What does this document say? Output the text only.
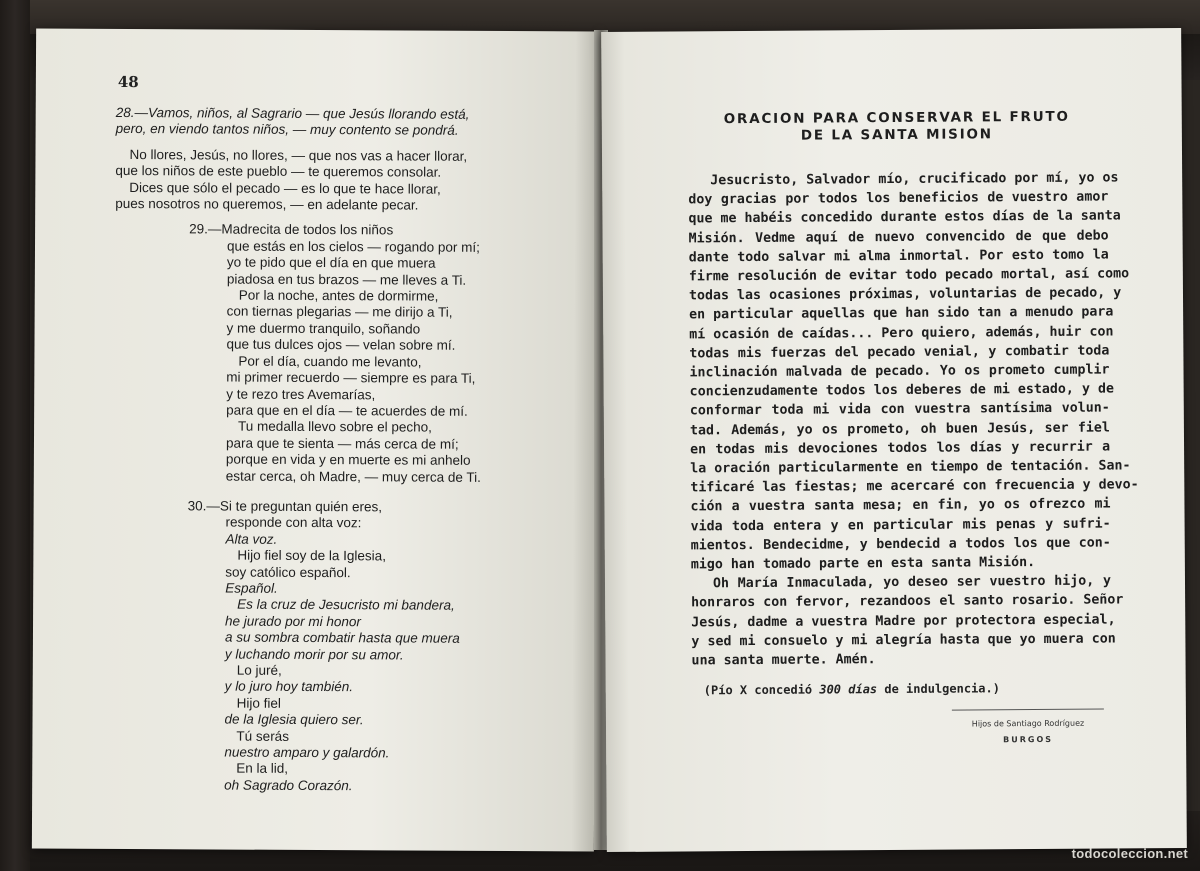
48
28.—Vamos, niños, al Sagrario — que Jesús llorando está,
pero, en viendo tantos niños, — muy contento se pondrá.
No llores, Jesús, no llores, — que nos vas a hacer llorar,
que los niños de este pueblo — te queremos consolar.
Dices que sólo el pecado — es lo que te hace llorar,
pues nosotros no queremos, — en adelante pecar.
29.—Madrecita de todos los niños
que estás en los cielos — rogando por mí;
yo te pido que el día en que muera
piadosa en tus brazos — me lleves a Ti.
Por la noche, antes de dormirme,
con tiernas plegarias — me dirijo a Ti,
y me duermo tranquilo, soñando
que tus dulces ojos — velan sobre mí.
Por el día, cuando me levanto,
mi primer recuerdo — siempre es para Ti,
y te rezo tres Avemarías,
para que en el día — te acuerdes de mí.
Tu medalla llevo sobre el pecho,
para que te sienta — más cerca de mí;
porque en vida y en muerte es mi anhelo
estar cerca, oh Madre, — muy cerca de Ti.
30.—Si te preguntan quién eres,
responde con alta voz:
Alta voz.
Hijo fiel soy de la Iglesia,
soy católico español.
Español.
Es la cruz de Jesucristo mi bandera,
he jurado por mi honor
a su sombra combatir hasta que muera
y luchando morir por su amor.
Lo juré,
y lo juro hoy también.
Hijo fiel
de la Iglesia quiero ser.
Tú serás
nuestro amparo y galardón.
En la lid,
oh Sagrado Corazón.
ORACION PARA CONSERVAR EL FRUTO
DE LA SANTA MISION
Jesucristo, Salvador mío, crucificado por mí, yo os
doy gracias por todos los beneficios de vuestro amor
que me habéis concedido durante estos días de la santa
Misión. Vedme aquí de nuevo convencido de que debo
dante todo salvar mi alma inmortal. Por esto tomo la
firme resolución de evitar todo pecado mortal, así como
todas las ocasiones próximas, voluntarias de pecado, y
en particular aquellas que han sido tan a menudo para
mí ocasión de caídas... Pero quiero, además, huir con
todas mis fuerzas del pecado venial, y combatir toda
inclinación malvada de pecado. Yo os prometo cumplir
concienzudamente todos los deberes de mi estado, y de
conformar toda mi vida con vuestra santísima volun-
tad. Además, yo os prometo, oh buen Jesús, ser fiel
en todas mis devociones todos los días y recurrir a
la oración particularmente en tiempo de tentación. San-
tificaré las fiestas; me acercaré con frecuencia y devo-
ción a vuestra santa mesa; en fin, yo os ofrezco mi
vida toda entera y en particular mis penas y sufri-
mientos. Bendecidme, y bendecid a todos los que con-
migo han tomado parte en esta santa Misión.
Oh María Inmaculada, yo deseo ser vuestro hijo, y
honraros con fervor, rezandoos el santo rosario. Señor
Jesús, dadme a vuestra Madre por protectora especial,
y sed mi consuelo y mi alegría hasta que yo muera con
una santa muerte. Amén.
(Pío X concedió 300 días de indulgencia.)
Hijos de Santiago Rodríguez
BURGOS
todocoleccion.net
